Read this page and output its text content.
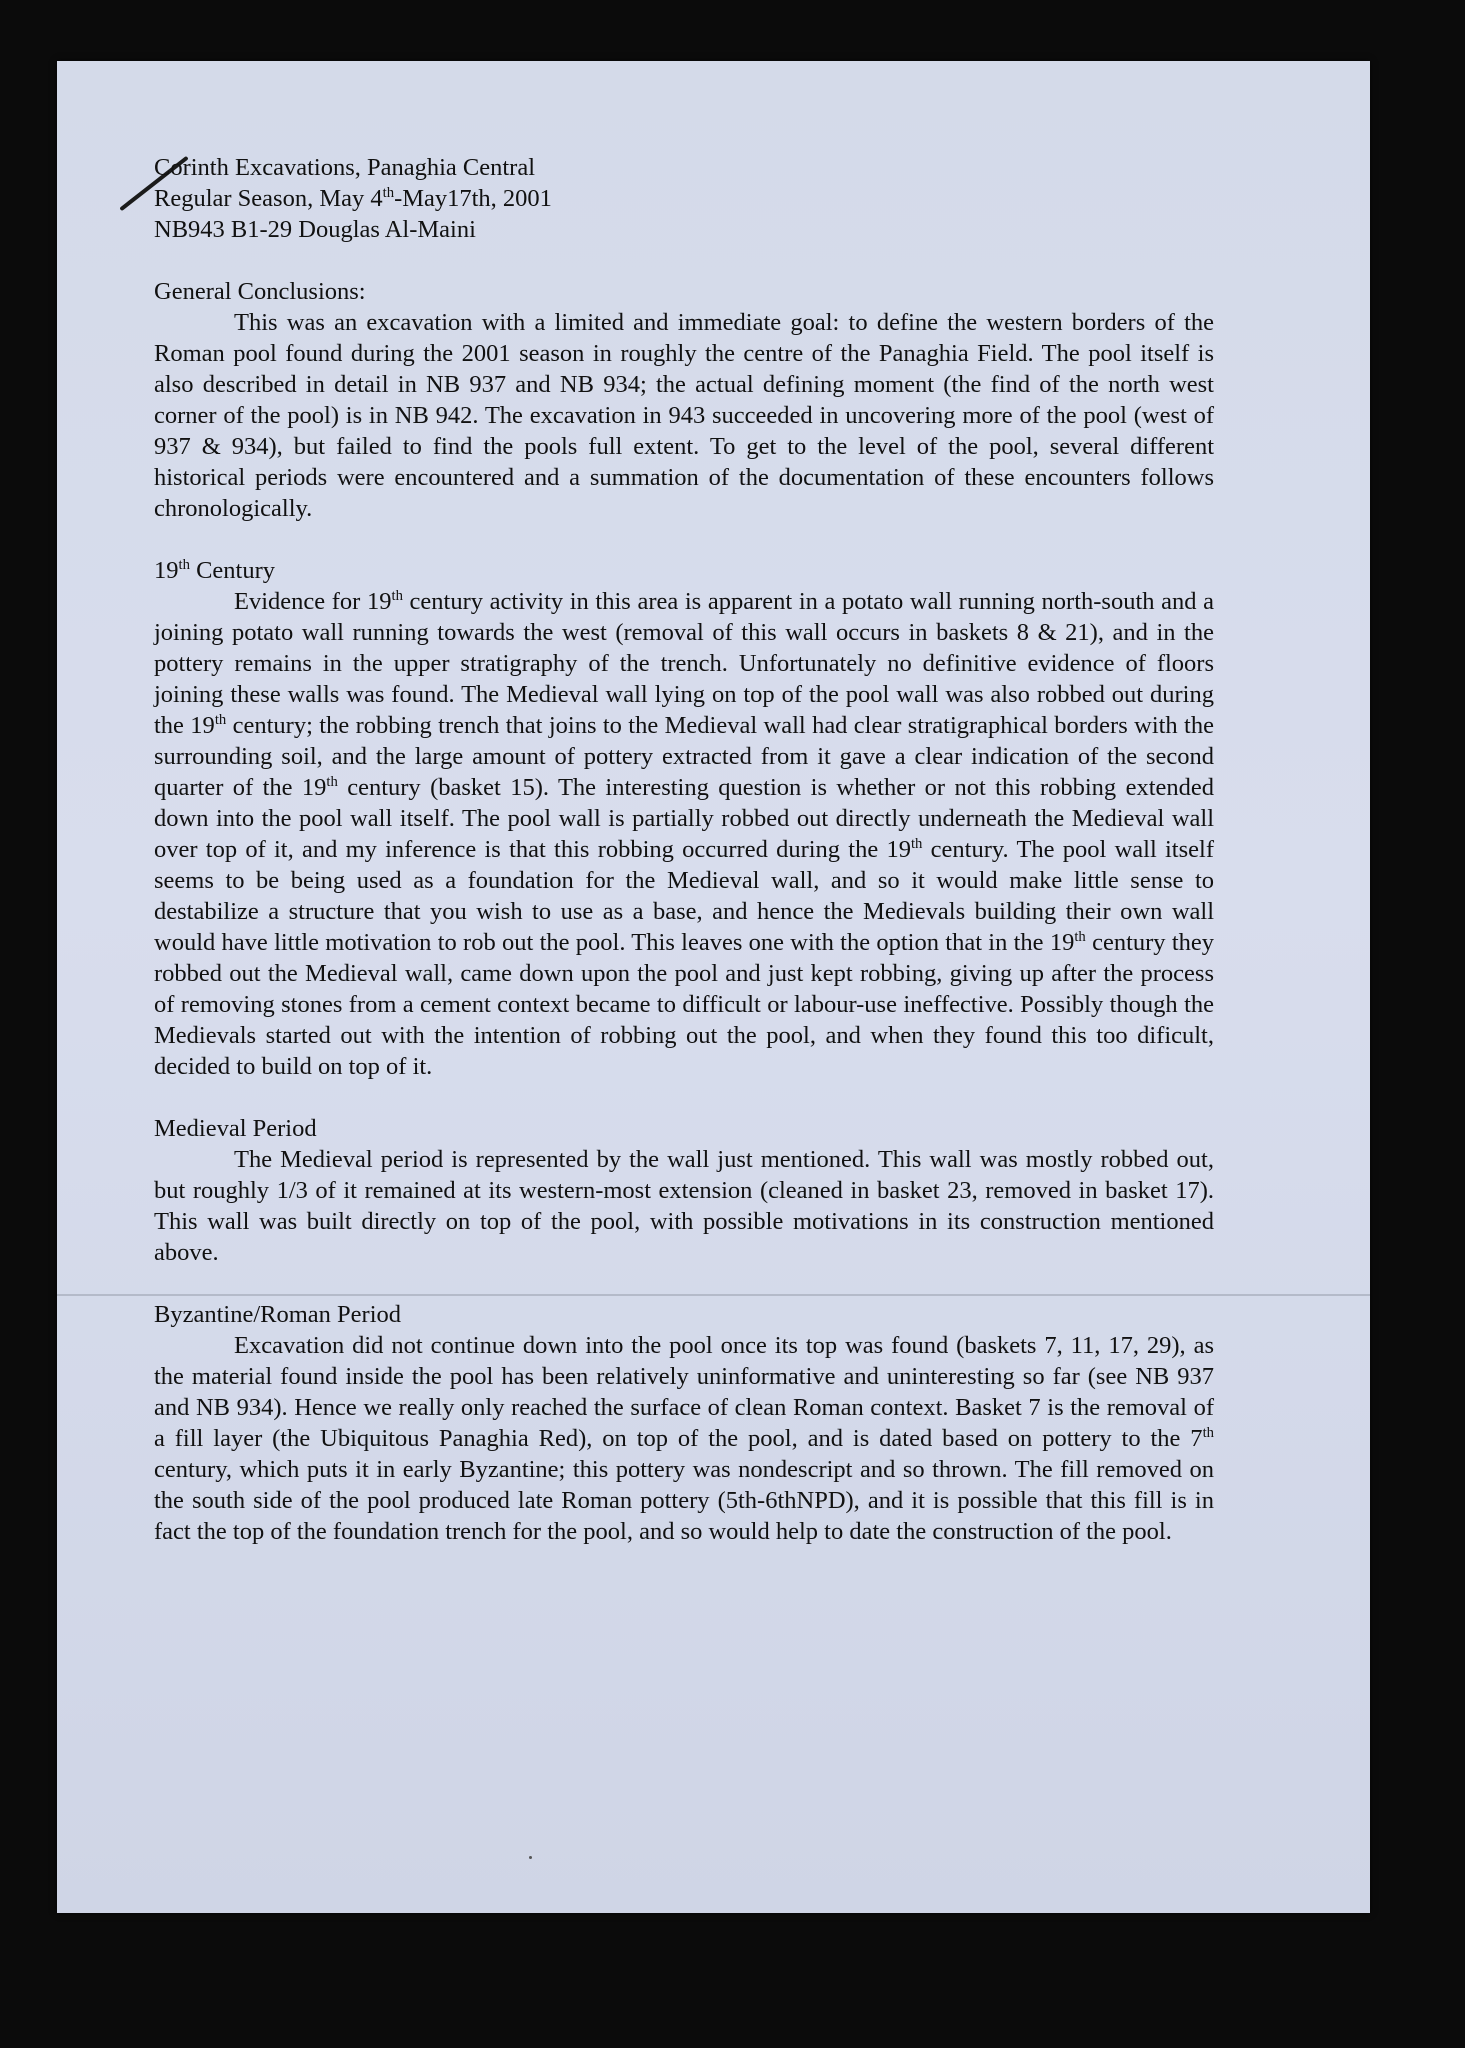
Corinth Excavations, Panaghia Central

Regular Season, May 4th-May17th, 2001

NB943 B1-29 Douglas Al-Maini

General Conclusions:

This was an excavation with a limited and immediate goal: to define the western borders of the Roman pool found during the 2001 season in roughly the centre of the Panaghia Field. The pool itself is also described in detail in NB 937 and NB 934; the actual defining moment (the find of the north west corner of the pool) is in NB 942. The excavation in 943 succeeded in uncovering more of the pool (west of 937 & 934), but failed to find the pools full extent. To get to the level of the pool, several different historical periods were encountered and a summation of the documentation of these encounters follows chronologically.

19th Century

Evidence for 19th century activity in this area is apparent in a potato wall running north-south and a joining potato wall running towards the west (removal of this wall occurs in baskets 8 & 21), and in the pottery remains in the upper stratigraphy of the trench. Unfortunately no definitive evidence of floors joining these walls was found. The Medieval wall lying on top of the pool wall was also robbed out during the 19th century; the robbing trench that joins to the Medieval wall had clear stratigraphical borders with the surrounding soil, and the large amount of pottery extracted from it gave a clear indication of the second quarter of the 19th century (basket 15). The interesting question is whether or not this robbing extended down into the pool wall itself. The pool wall is partially robbed out directly underneath the Medieval wall over top of it, and my inference is that this robbing occurred during the 19th century. The pool wall itself seems to be being used as a foundation for the Medieval wall, and so it would make little sense to destabilize a structure that you wish to use as a base, and hence the Medievals building their own wall would have little motivation to rob out the pool. This leaves one with the option that in the 19th century they robbed out the Medieval wall, came down upon the pool and just kept robbing, giving up after the process of removing stones from a cement context became to difficult or labour-use ineffective. Possibly though the Medievals started out with the intention of robbing out the pool, and when they found this too dificult, decided to build on top of it.

Medieval Period

The Medieval period is represented by the wall just mentioned. This wall was mostly robbed out, but roughly 1/3 of it remained at its western-most extension (cleaned in basket 23, removed in basket 17). This wall was built directly on top of the pool, with possible motivations in its construction mentioned above.

Byzantine/Roman Period

Excavation did not continue down into the pool once its top was found (baskets 7, 11, 17, 29), as the material found inside the pool has been relatively uninformative and uninteresting so far (see NB 937 and NB 934). Hence we really only reached the surface of clean Roman context. Basket 7 is the removal of a fill layer (the Ubiquitous Panaghia Red), on top of the pool, and is dated based on pottery to the 7th century, which puts it in early Byzantine; this pottery was nondescript and so thrown. The fill removed on the south side of the pool produced late Roman pottery (5th-6thNPD), and it is possible that this fill is in fact the top of the foundation trench for the pool, and so would help to date the construction of the pool.
